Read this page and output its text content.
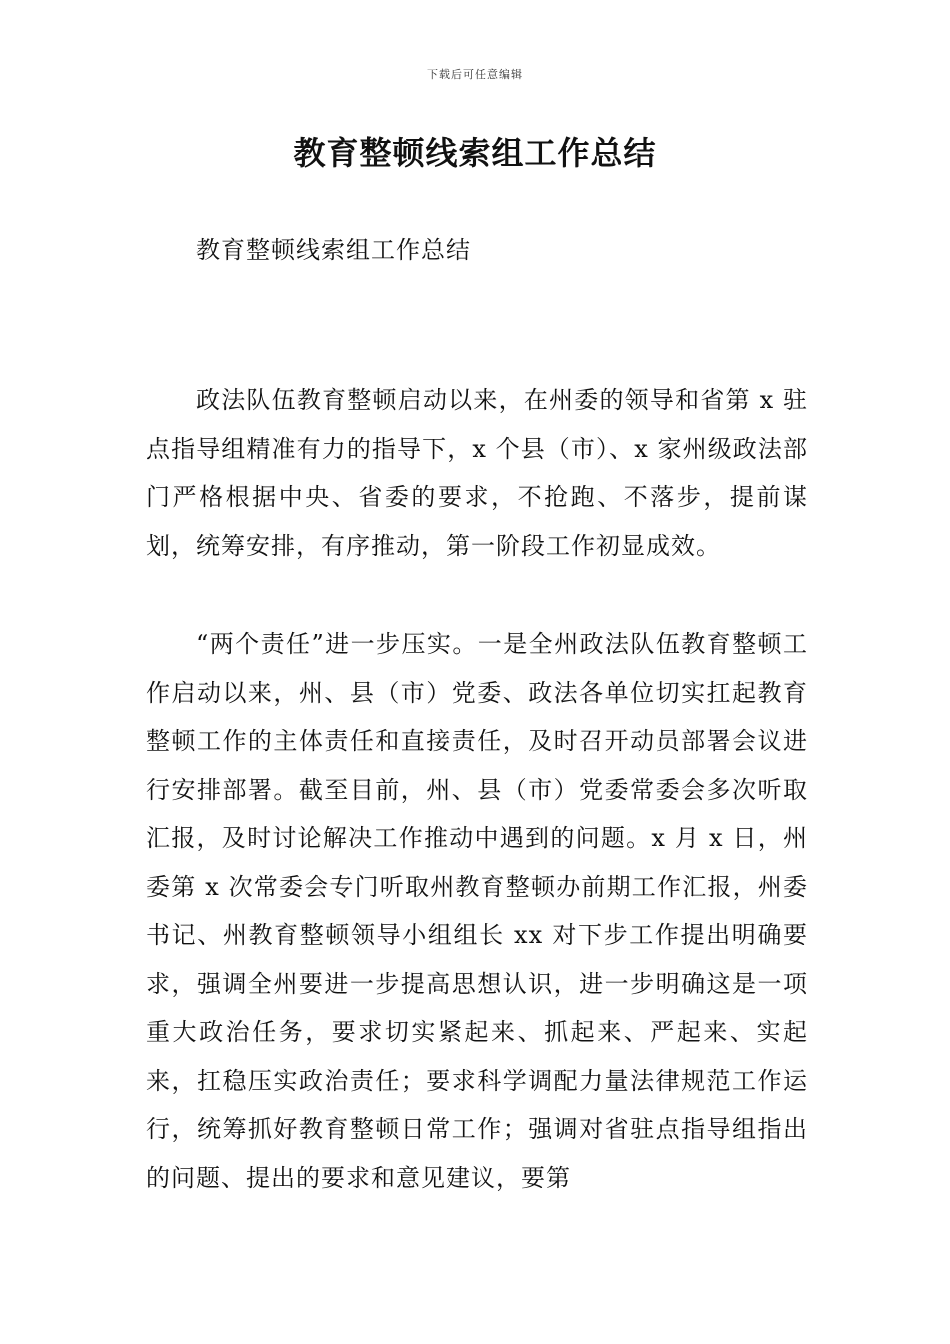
下载后可任意编辑
教育整顿线索组工作总结
教育整顿线索组工作总结

政法队伍教育整顿启动以来，在州委的领导和省第 x 驻点指导组精准有力的指导下，x 个县（市）、x 家州级政法部门严格根据中央、省委的要求，不抢跑、不落步，提前谋划，统筹安排，有序推动，第一阶段工作初显成效。

“两个责任”进一步压实。一是全州政法队伍教育整顿工作启动以来，州、县（市）党委、政法各单位切实扛起教育整顿工作的主体责任和直接责任，及时召开动员部署会议进行安排部署。截至目前，州、县（市）党委常委会多次听取汇报，及时讨论解决工作推动中遇到的问题。x 月 x 日，州委第 x 次常委会专门听取州教育整顿办前期工作汇报，州委书记、州教育整顿领导小组组长 xx 对下步工作提出明确要求，强调全州要进一步提高思想认识，进一步明确这是一项重大政治任务，要求切实紧起来、抓起来、严起来、实起来，扛稳压实政治责任；要求科学调配力量法律规范工作运行，统筹抓好教育整顿日常工作；强调对省驻点指导组指出的问题、提出的要求和意见建议，要第
